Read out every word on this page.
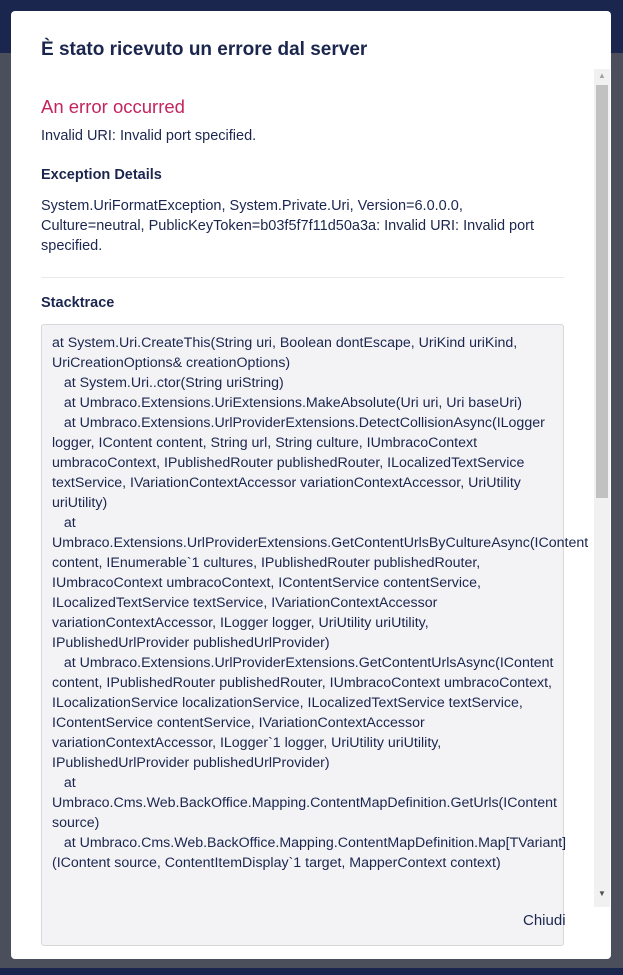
È stato ricevuto un errore dal server
An error occurred

Invalid URI: Invalid port specified.

Exception Details

System.UriFormatException, System.Private.Uri, Version=6.0.0.0, Culture=neutral, PublicKeyToken=b03f5f7f11d50a3a: Invalid URI: Invalid port specified.

Stacktrace
at System.Uri.CreateThis(String uri, Boolean dontEscape, UriKind uriKind, UriCreationOptions& creationOptions)
at System.Uri..ctor(String uriString)
at Umbraco.Extensions.UriExtensions.MakeAbsolute(Uri uri, Uri baseUri)
at Umbraco.Extensions.UrlProviderExtensions.DetectCollisionAsync(ILogger logger, IContent content, String url, String culture, IUmbracoContext umbracoContext, IPublishedRouter publishedRouter, ILocalizedTextService textService, IVariationContextAccessor variationContextAccessor, UriUtility uriUtility)
at Umbraco.Extensions.UrlProviderExtensions.GetContentUrlsByCultureAsync(IContent content, IEnumerable`1 cultures, IPublishedRouter publishedRouter, IUmbracoContext umbracoContext, IContentService contentService, ILocalizedTextService textService, IVariationContextAccessor variationContextAccessor, ILogger logger, UriUtility uriUtility, IPublishedUrlProvider publishedUrlProvider)
at Umbraco.Extensions.UrlProviderExtensions.GetContentUrlsAsync(IContent content, IPublishedRouter publishedRouter, IUmbracoContext umbracoContext, ILocalizationService localizationService, ILocalizedTextService textService, IContentService contentService, IVariationContextAccessor variationContextAccessor, ILogger`1 logger, UriUtility uriUtility, IPublishedUrlProvider publishedUrlProvider)
at Umbraco.Cms.Web.BackOffice.Mapping.ContentMapDefinition.GetUrls(IContent source)
at Umbraco.Cms.Web.BackOffice.Mapping.ContentMapDefinition.Map[TVariant](IContent source, ContentItemDisplay`1 target, MapperContext context)
▲
▼
Chiudi
